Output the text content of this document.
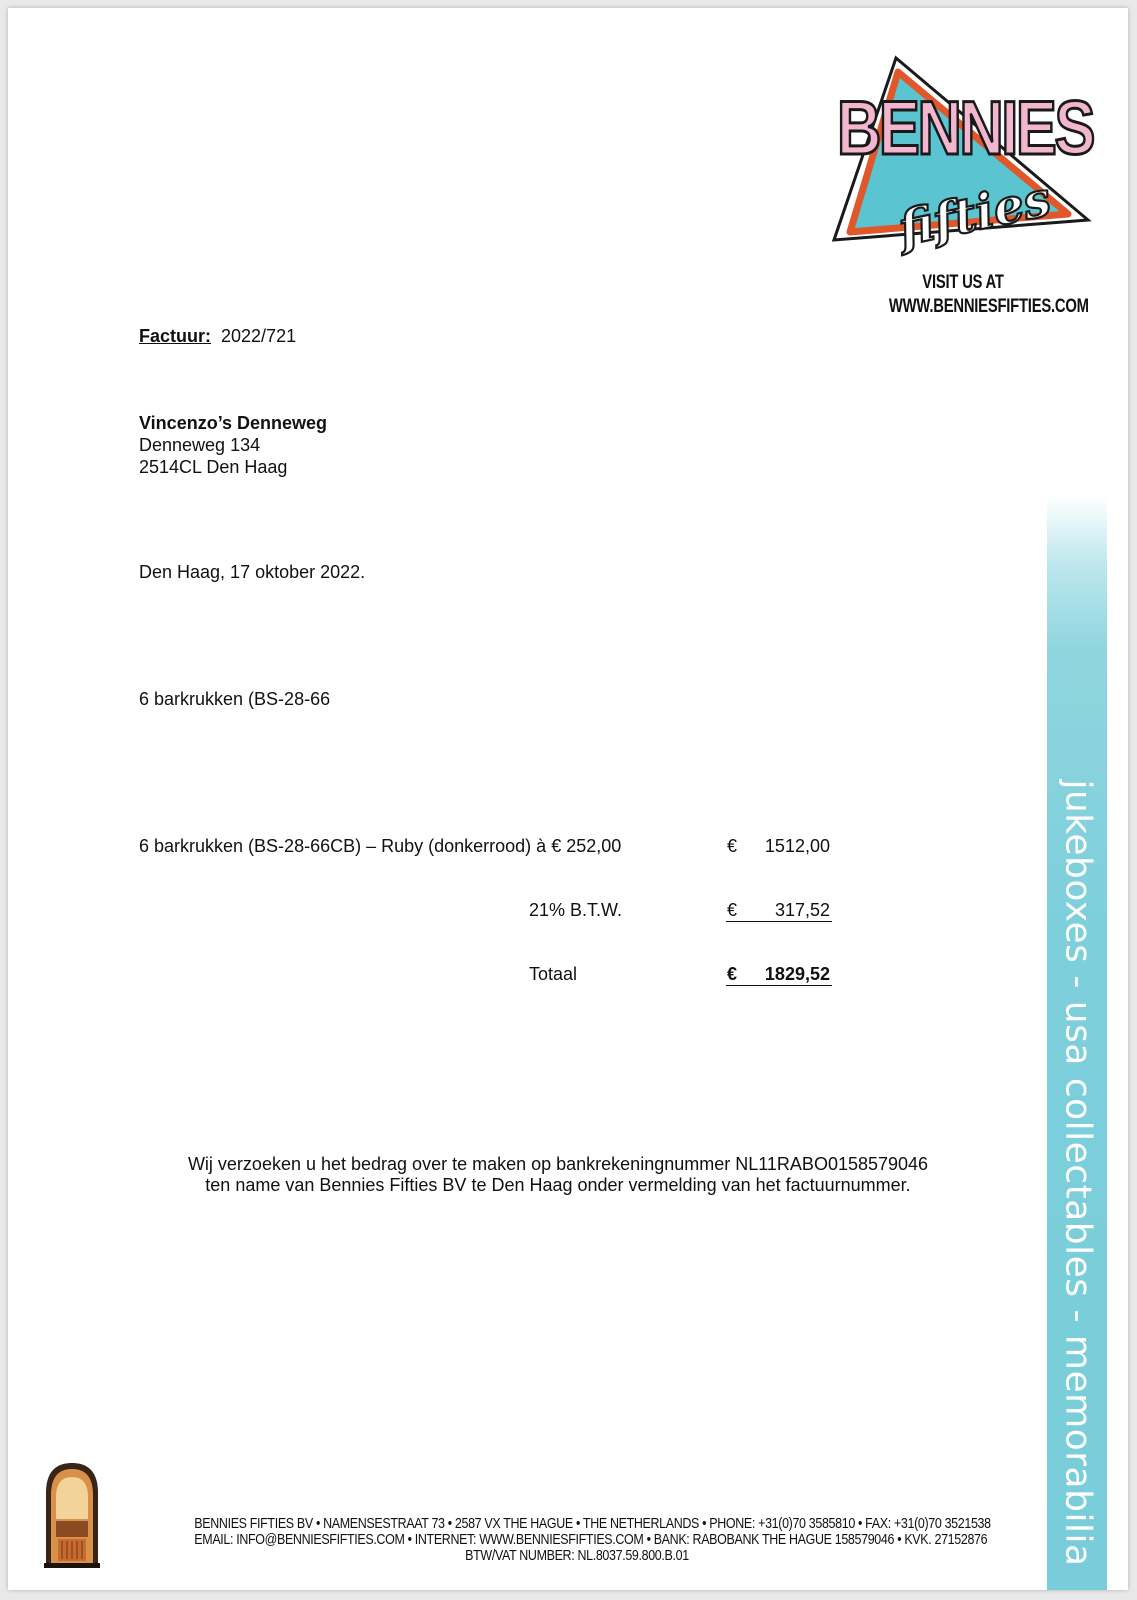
BENNIES
fifties
VISIT US AT
WWW.BENNIESFIFTIES.COM
Factuur: 2022/721
Vincenzo’s Denneweg
Denneweg 134
2514CL Den Haag
Den Haag, 17 oktober 2022.
6 barkrukken (BS-28-66
6 barkrukken (BS-28-66CB) – Ruby (donkerrood) à € 252,00	€	1512,00
21% B.T.W.	€	317,52
Totaal	€	1829,52
Wij verzoeken u het bedrag over te maken op bankrekeningnummer NL11RABO0158579046
ten name van Bennies Fifties BV te Den Haag onder vermelding van het factuurnummer.	jukeboxes - usa collectables - memorabilia
BENNIES FIFTIES BV • NAMENSESTRAAT 73 • 2587 VX THE HAGUE • THE NETHERLANDS • PHONE: +31(0)70 3585810 • FAX: +31(0)70 3521538
EMAIL: INFO@BENNIESFIFTIES.COM • INTERNET: WWW.BENNIESFIFTIES.COM • BANK: RABOBANK THE HAGUE 158579046 • KVK. 27152876
BTW/VAT NUMBER: NL.8037.59.800.B.01
